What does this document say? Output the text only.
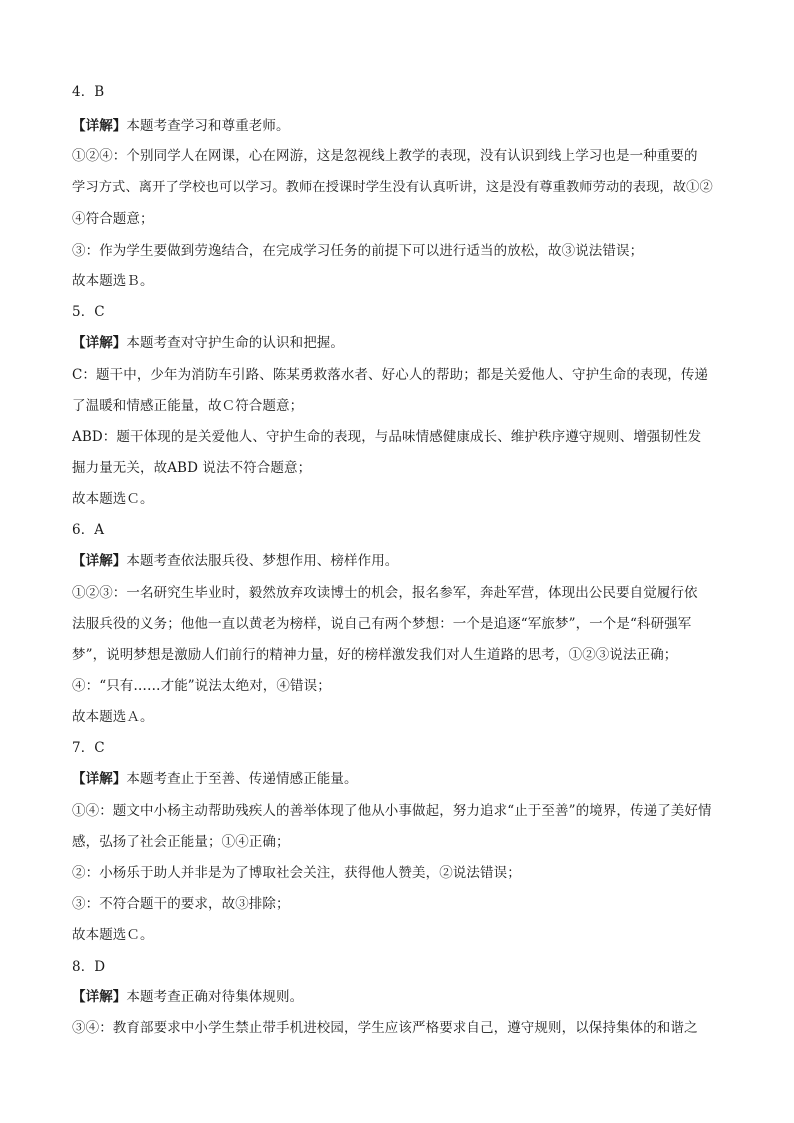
4．B
【详解】本题考查学习和尊重老师。
①②④：个别同学人在网课，心在网游，这是忽视线上教学的表现，没有认识到线上学习也是一种重要的
学习方式、离开了学校也可以学习。教师在授课时学生没有认真听讲，这是没有尊重教师劳动的表现，故①②
④符合题意；
③：作为学生要做到劳逸结合，在完成学习任务的前提下可以进行适当的放松，故③说法错误；
故本题选Ｂ。
5．C
【详解】本题考查对守护生命的认识和把握。
C：题干中，少年为消防车引路、陈某勇救落水者、好心人的帮助；都是关爱他人、守护生命的表现，传递
了温暖和情感正能量，故Ｃ符合题意；
ABD：题干体现的是关爱他人、守护生命的表现，与品味情感健康成长、维护秩序遵守规则、增强韧性发
掘力量无关，故ABD 说法不符合题意；
故本题选Ｃ。
6．A
【详解】本题考查依法服兵役、梦想作用、榜样作用。
①②③：一名研究生毕业时，毅然放弃攻读博士的机会，报名参军，奔赴军营，体现出公民要自觉履行依
法服兵役的义务；他他一直以黄老为榜样，说自己有两个梦想：一个是追逐“军旅梦”，一个是“科研强军
梦”，说明梦想是激励人们前行的精神力量，好的榜样激发我们对人生道路的思考，①②③说法正确；
④：“只有……才能”说法太绝对，④错误；
故本题选Ａ。
7．C
【详解】本题考查止于至善、传递情感正能量。
①④：题文中小杨主动帮助残疾人的善举体现了他从小事做起，努力追求“止于至善”的境界，传递了美好情
感，弘扬了社会正能量；①④正确；
②：小杨乐于助人并非是为了博取社会关注，获得他人赞美，②说法错误；
③：不符合题干的要求，故③排除；
故本题选Ｃ。
8．D
【详解】本题考查正确对待集体规则。
③④：教育部要求中小学生禁止带手机进校园，学生应该严格要求自己，遵守规则，以保持集体的和谐之
